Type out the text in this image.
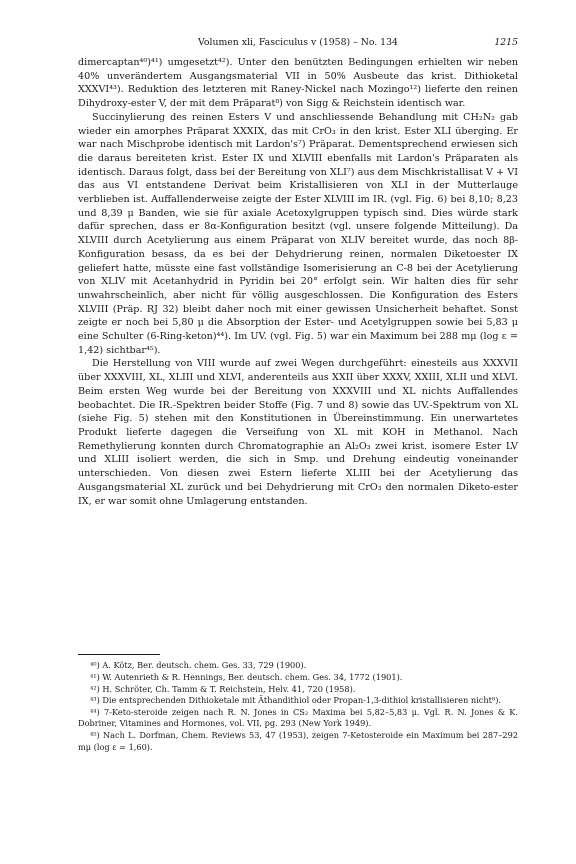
Volumen xli, Fasciculus v (1958) – No. 134	1215

dimercaptan⁴⁰)⁴¹) umgesetzt⁴²). Unter den benützten Bedingungen erhielten wir neben 40% unverändertem Ausgangsmaterial VII in 50% Ausbeute das krist. Dithioketal XXXVI⁴³). Reduktion des letzteren mit Raney-Nickel nach Mozingo¹²) lieferte den reinen Dihydroxy-ester V, der mit dem Präparat⁸) von Sigg & Reichstein identisch war.

Succinylierung des reinen Esters V und anschliessende Behandlung mit CH₂N₂ gab wieder ein amorphes Präparat XXXIX, das mit CrO₃ in den krist. Ester XLI überging. Er war nach Mischprobe identisch mit Lardon's⁷) Präparat. Dementsprechend erwiesen sich die daraus bereiteten krist. Ester IX und XLVIII ebenfalls mit Lardon's Präparaten als identisch. Daraus folgt, dass bei der Bereitung von XLI⁷) aus dem Mischkristallisat V + VI das aus VI entstandene Derivat beim Kristallisieren von XLI in der Mutterlauge verblieben ist. Auffallenderweise zeigte der Ester XLVIII im IR. (vgl. Fig. 6) bei 8,10; 8,23 und 8,39 μ Banden, wie sie für axiale Acetoxylgruppen typisch sind. Dies würde stark dafür sprechen, dass er 8α-Konfiguration besitzt (vgl. unsere folgende Mitteilung). Da XLVIII durch Acetylierung aus einem Präparat von XLIV bereitet wurde, das noch 8β-Konfiguration besass, da es bei der Dehydrierung reinen, normalen Diketoester IX geliefert hatte, müsste eine fast vollständige Isomerisierung an C-8 bei der Acetylierung von XLIV mit Acetanhydrid in Pyridin bei 20° erfolgt sein. Wir halten dies für sehr unwahrscheinlich, aber nicht für völlig ausgeschlossen. Die Konfiguration des Esters XLVIII (Präp. RJ 32) bleibt daher noch mit einer gewissen Unsicherheit behaftet. Sonst zeigte er noch bei 5,80 μ die Absorption der Ester- und Acetylgruppen sowie bei 5,83 μ eine Schulter (6-Ring-keton)⁴⁴). Im UV. (vgl. Fig. 5) war ein Maximum bei 288 mμ (log ε = 1,42) sichtbar⁴⁵).

Die Herstellung von VIII wurde auf zwei Wegen durchgeführt: einesteils aus XXXVII über XXXVIII, XL, XLIII und XLVI, anderenteils aus XXII über XXXV, XXIII, XLII und XLVI. Beim ersten Weg wurde bei der Bereitung von XXXVIII und XL nichts Auffallendes beobachtet. Die IR.-Spektren beider Stoffe (Fig. 7 und 8) sowie das UV.-Spektrum von XL (siehe Fig. 5) stehen mit den Konstitutionen in Übereinstimmung. Ein unerwartetes Produkt lieferte dagegen die Verseifung von XL mit KOH in Methanol. Nach Remethylierung konnten durch Chromatographie an Al₂O₃ zwei krist. isomere Ester LV und XLIII isoliert werden, die sich in Smp. und Drehung eindeutig voneinander unterschieden. Von diesen zwei Estern lieferte XLIII bei der Acetylierung das Ausgangsmaterial XL zurück und bei Dehydrierung mit CrO₃ den normalen Diketo-ester IX, er war somit ohne Umlagerung entstanden.

⁴⁰) A. Kötz, Ber. deutsch. chem. Ges. 33, 729 (1900).

⁴¹) W. Autenrieth & R. Hennings, Ber. deutsch. chem. Ges. 34, 1772 (1901).

⁴²) H. Schröter, Ch. Tamm & T. Reichstein, Helv. 41, 720 (1958).

⁴³) Die entsprechenden Dithioketale mit Äthandithiol oder Propan-1,3-dithiol kristallisieren nicht⁸).

⁴⁴) 7-Keto-steroide zeigen nach R. N. Jones in CS₂ Maxima bei 5,82–5,83 μ. Vgl. R. N. Jones & K. Dobriner, Vitamines and Hormones, vol. VII, pg. 293 (New York 1949).

⁴⁵) Nach L. Dorfman, Chem. Reviews 53, 47 (1953), zeigen 7-Ketosteroide ein Maximum bei 287–292 mμ (log ε = 1,60).
